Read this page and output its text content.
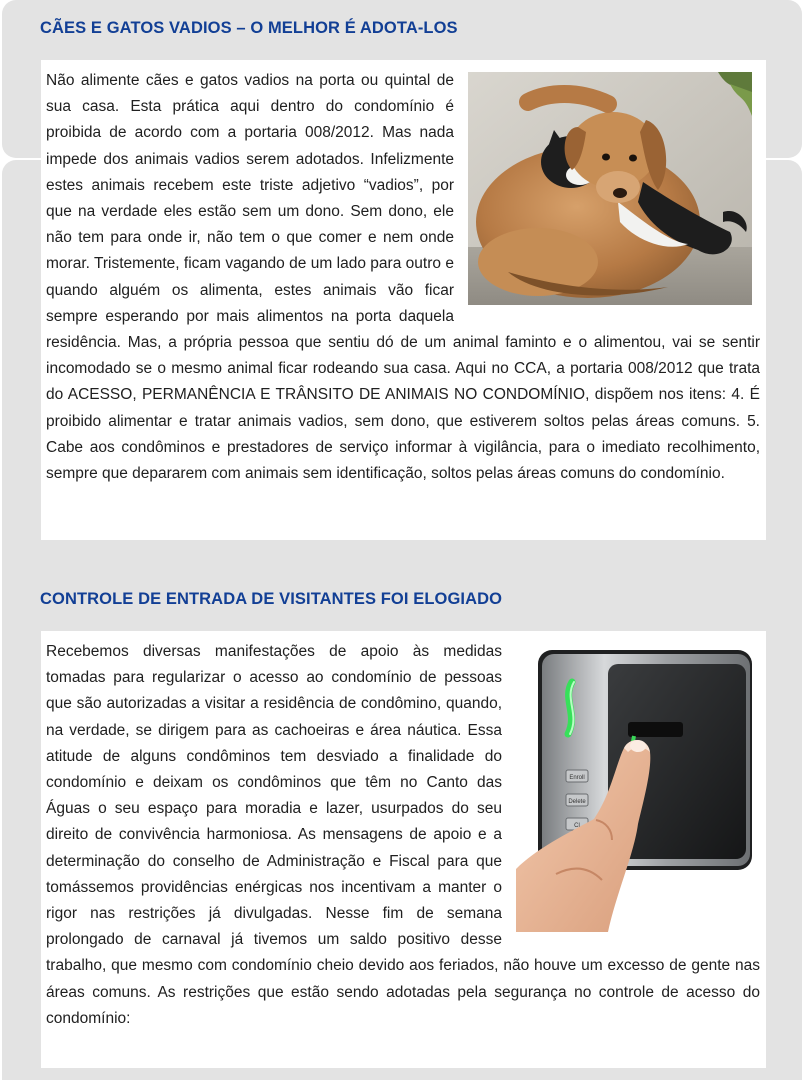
CÃES E GATOS VADIOS – O MELHOR É ADOTA-LOS

Não alimente cães e gatos vadios na porta ou quintal de sua casa. Esta prática aqui dentro do condomínio é proibida de acordo com a portaria 008/2012. Mas nada impede dos animais vadios serem adotados. Infelizmente estes animais recebem este triste adjetivo “vadios”, por que na verdade eles estão sem um dono. Sem dono, ele não tem para onde ir, não tem o que comer e nem onde morar. Tristemente, ficam vagando de um lado para outro e quando alguém os alimenta, estes animais vão ficar sempre esperando por mais alimentos na porta daquela residência. Mas, a própria pessoa que sentiu dó de um animal faminto e o alimentou, vai se sentir incomodado se o mesmo animal ficar rodeando sua casa. Aqui no CCA, a portaria 008/2012 que trata do ACESSO, PERMANÊNCIA E TRÂNSITO DE ANIMAIS NO CONDOMÍNIO, dispõem nos itens: 4. É proibido alimentar e tratar animais vadios, sem dono, que estiverem soltos pelas áreas comuns. 5. Cabe aos condôminos e prestadores de serviço informar à vigilância, para o imediato recolhimento, sempre que depararem com animais sem identificação, soltos pelas áreas comuns do condomínio.

CONTROLE DE ENTRADA DE VISITANTES FOI ELOGIADO
Enroll
Delete
Cl

Recebemos diversas manifestações de apoio às medidas tomadas para regularizar o acesso ao condomínio de pessoas que são autorizadas a visitar a residência de condômino, quando, na verdade, se dirigem para as cachoeiras e área náutica. Essa atitude de alguns condôminos tem desviado a finalidade do condomínio e deixam os condôminos que têm no Canto das Águas o seu espaço para moradia e lazer, usurpados do seu direito de convivência harmoniosa. As mensagens de apoio e a determinação do conselho de Administração e Fiscal para que tomássemos providências enérgicas nos incentivam a manter o rigor nas restrições já divulgadas. Nesse fim de semana prolongado de carnaval já tivemos um saldo positivo desse trabalho, que mesmo com condomínio cheio devido aos feriados, não houve um excesso de gente nas áreas comuns. As restrições que estão sendo adotadas pela segurança no controle de acesso do condomínio:
